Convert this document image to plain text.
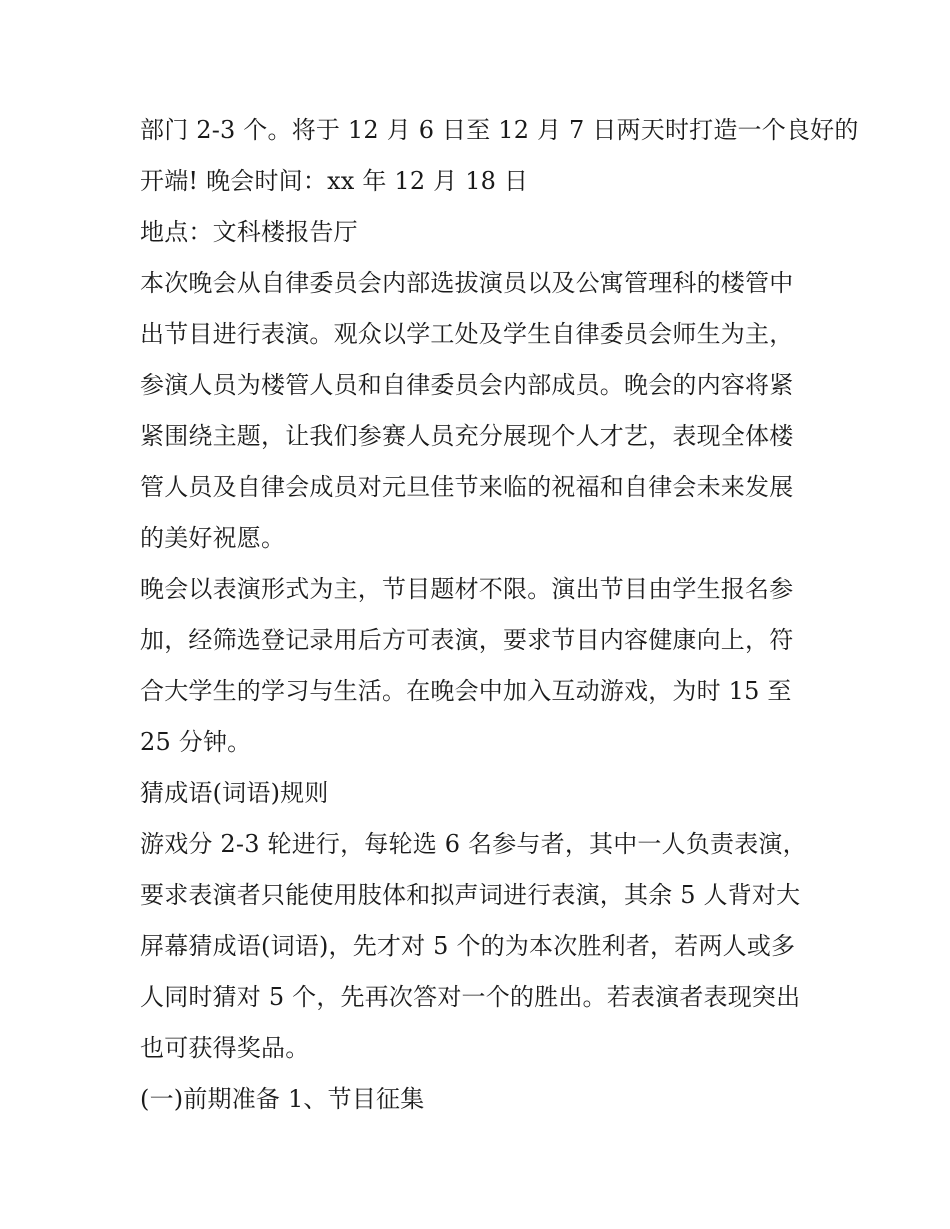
部门 2-3 个。将于 12 月 6 日至 12 月 7 日两天时打造一个良好的
开端! 晚会时间：xx 年 12 月 18 日
地点：文科楼报告厅
本次晚会从自律委员会内部选拔演员以及公寓管理科的楼管中
出节目进行表演。观众以学工处及学生自律委员会师生为主，
参演人员为楼管人员和自律委员会内部成员。晚会的内容将紧
紧围绕主题，让我们参赛人员充分展现个人才艺，表现全体楼
管人员及自律会成员对元旦佳节来临的祝福和自律会未来发展
的美好祝愿。
晚会以表演形式为主，节目题材不限。演出节目由学生报名参
加，经筛选登记录用后方可表演，要求节目内容健康向上，符
合大学生的学习与生活。在晚会中加入互动游戏，为时 15 至
25 分钟。
猜成语(词语)规则
游戏分 2-3 轮进行，每轮选 6 名参与者，其中一人负责表演，
要求表演者只能使用肢体和拟声词进行表演，其余 5 人背对大
屏幕猜成语(词语)，先才对 5 个的为本次胜利者，若两人或多
人同时猜对 5 个，先再次答对一个的胜出。若表演者表现突出
也可获得奖品。
(一)前期准备 1、节目征集
